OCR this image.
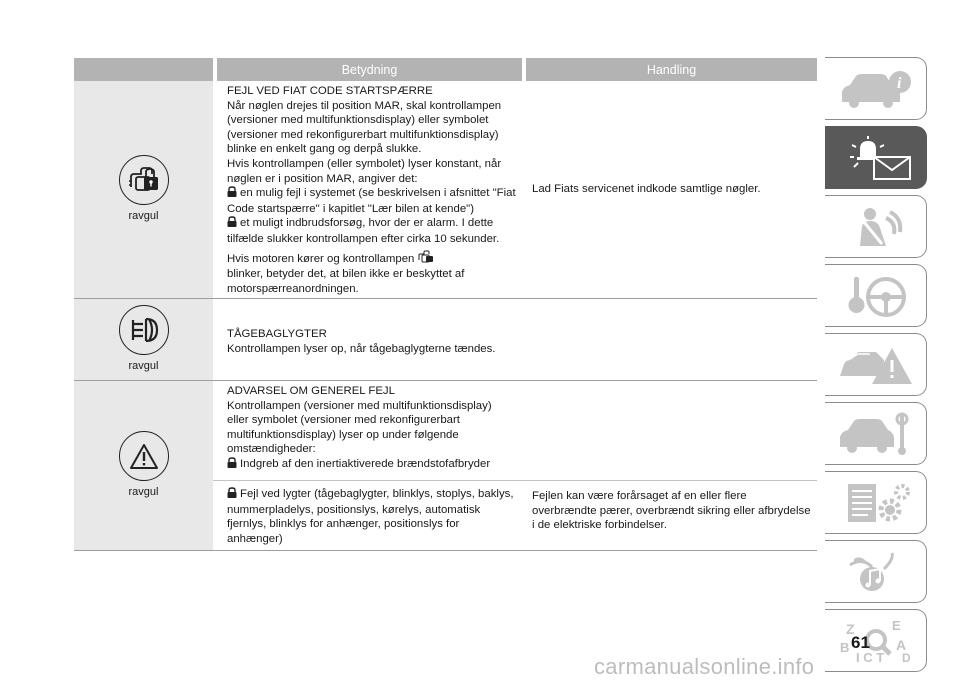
Betydning	Handling
ravgul

FEJL VED FIAT CODE STARTSPÆRRE

Når nøglen drejes til position MAR, skal kontrollampen (versioner med multifunktionsdisplay) eller symbolet (versioner med rekonfigurerbart multifunktionsdisplay) blinke en enkelt gang og derpå slukke.

Hvis kontrollampen (eller symbolet) lyser konstant, når nøglen er i position MAR, angiver det:

en mulig fejl i systemet (se beskrivelsen i afsnittet "Fiat Code startspærre" i kapitlet "Lær bilen at kende")

et muligt indbrudsforsøg, hvor der er alarm. I dette tilfælde slukker kontrollampen efter cirka 10 sekunder.

Hvis motoren kører og kontrollampen

blinker, betyder det, at bilen ikke er beskyttet af motorspærreanordningen.

Lad Fiats servicenet indkode samtlige nøgler.
ravgul

TÅGEBAGLYGTER

Kontrollampen lyser op, når tågebaglygterne tændes.

ravgul

ADVARSEL OM GENEREL FEJL

Kontrollampen (versioner med multifunktionsdisplay) eller symbolet (versioner med rekonfigurerbart multifunktionsdisplay) lyser op under følgende omstændigheder:

Indgreb af den inertiaktiverede brændstofafbryder

Fejl ved lygter (tågebaglygter, blinklys, stoplys, baklys, nummerpladelys, positionslys, kørelys, automatisk fjernlys, blinklys for anhænger, positionslys for anhænger)

Fejlen kan være forårsaget af en eller flere overbrændte pærer, overbrændt sikring eller afbrydelse i de elektriske forbindelser.
i
Z	E
B
I C T
A
D
61
carmanualsonline.info
